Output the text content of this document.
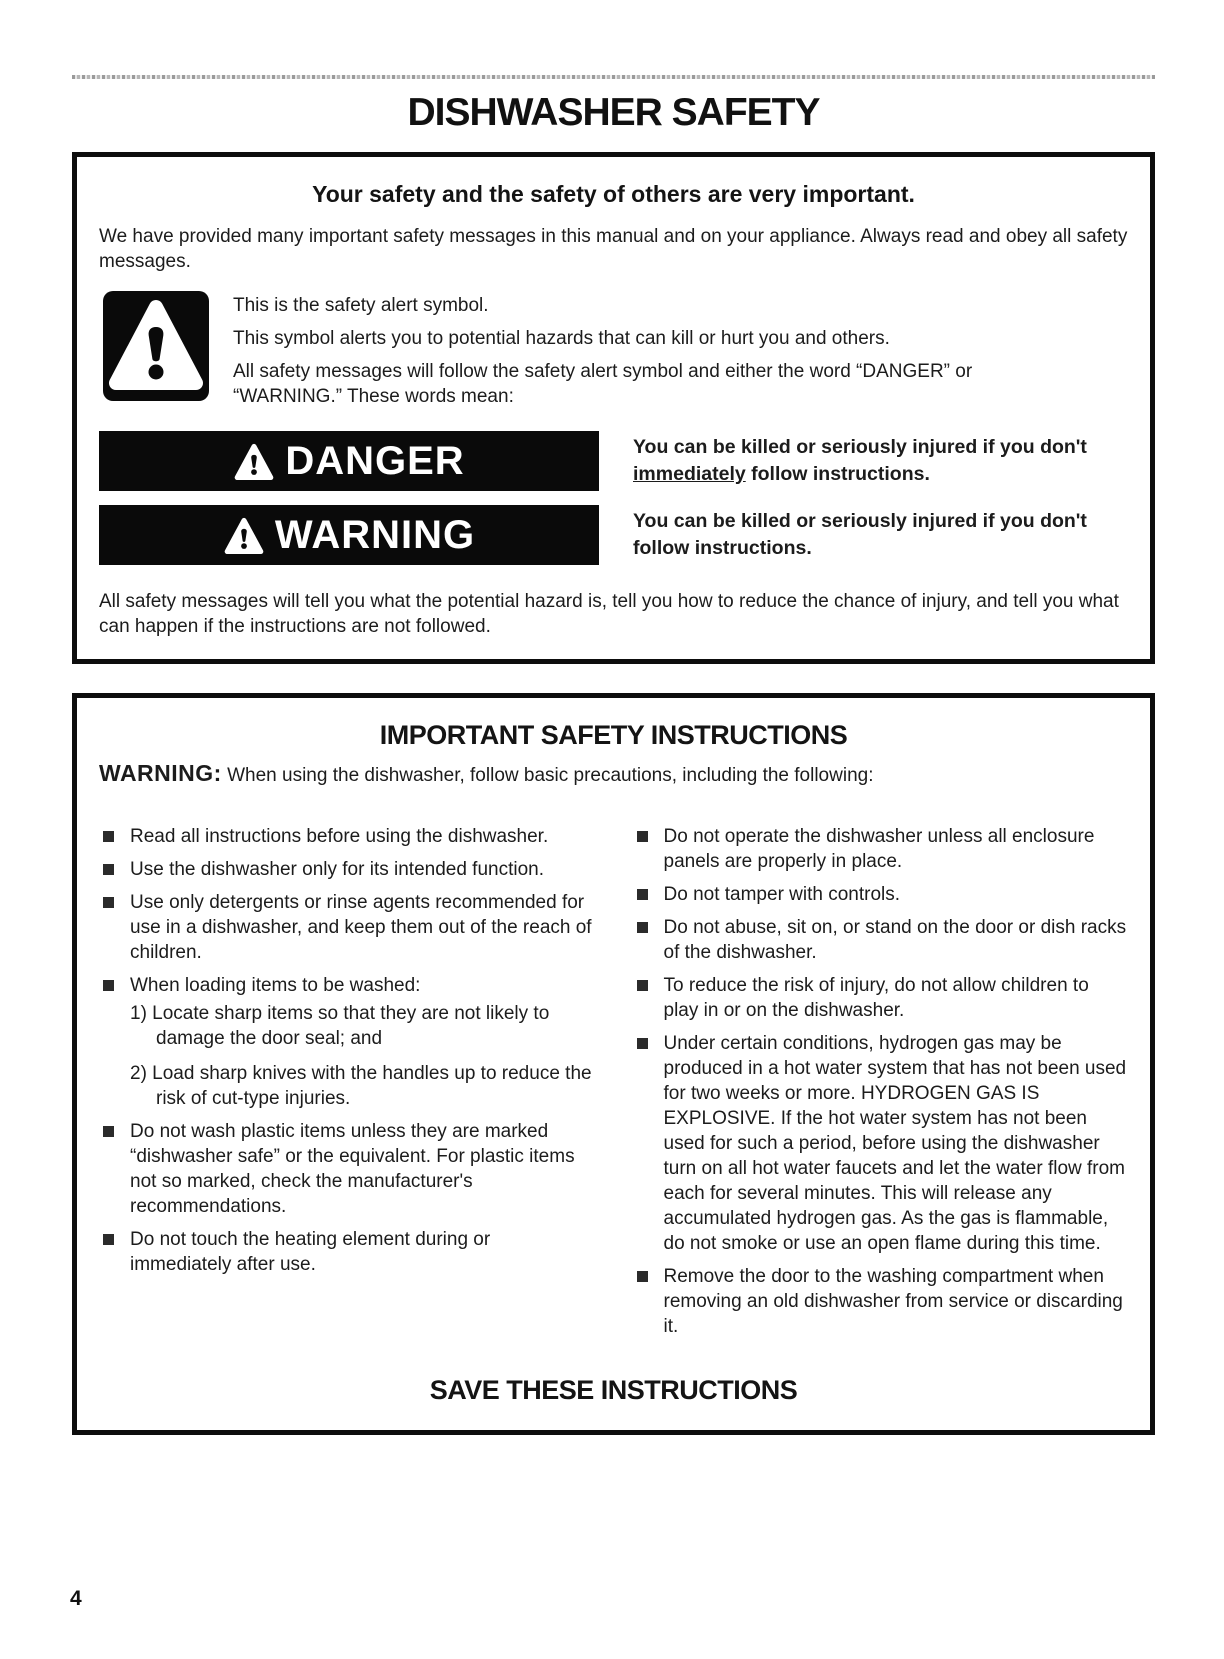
DISHWASHER SAFETY
Your safety and the safety of others are very important.

We have provided many important safety messages in this manual and on your appliance. Always read and obey all safety messages.

This is the safety alert symbol.

This symbol alerts you to potential hazards that can kill or hurt you and others.

All safety messages will follow the safety alert symbol and either the word “DANGER” or “WARNING.” These words mean:

DANGER	You can be killed or seriously injured if you don't immediately follow instructions.
WARNING	You can be killed or seriously injured if you don't follow instructions.

All safety messages will tell you what the potential hazard is, tell you how to reduce the chance of injury, and tell you what can happen if the instructions are not followed.

IMPORTANT SAFETY INSTRUCTIONS

WARNING: When using the dishwasher, follow basic precautions, including the following:

Read all instructions before using the dishwasher.
Use the dishwasher only for its intended function.
Use only detergents or rinse agents recommended for use in a dishwasher, and keep them out of the reach of children.
When loading items to be washed:
1) Locate sharp items so that they are not likely to damage the door seal; and
2) Load sharp knives with the handles up to reduce the risk of cut-type injuries.
Do not wash plastic items unless they are marked “dishwasher safe” or the equivalent. For plastic items not so marked, check the manufacturer's recommendations.
Do not touch the heating element during or immediately after use.
Do not operate the dishwasher unless all enclosure panels are properly in place.
Do not tamper with controls.
Do not abuse, sit on, or stand on the door or dish racks of the dishwasher.
To reduce the risk of injury, do not allow children to play in or on the dishwasher.
Under certain conditions, hydrogen gas may be produced in a hot water system that has not been used for two weeks or more. HYDROGEN GAS IS EXPLOSIVE. If the hot water system has not been used for such a period, before using the dishwasher turn on all hot water faucets and let the water flow from each for several minutes. This will release any accumulated hydrogen gas. As the gas is flammable, do not smoke or use an open flame during this time.
Remove the door to the washing compartment when removing an old dishwasher from service or discarding it.
SAVE THESE INSTRUCTIONS
4
